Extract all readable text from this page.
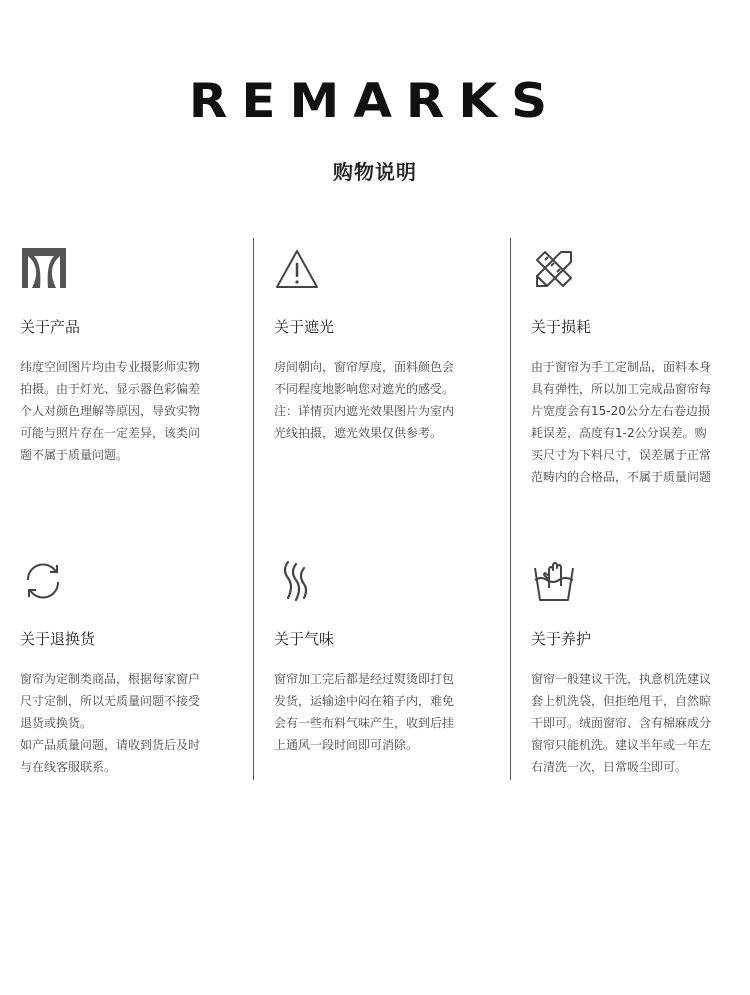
REMARKS
购物说明
关于产品
纬度空间图片均由专业摄影师实物
拍摄。由于灯光、显示器色彩偏差
个人对颜色理解等原因，导致实物
可能与照片存在一定差异，该类问
题不属于质量问题。
关于遮光
房间朝向，窗帘厚度，面料颜色会
不同程度地影响您对遮光的感受。
注：详情页内遮光效果图片为室内
光线拍摄，遮光效果仅供参考。
关于损耗
由于窗帘为手工定制品，面料本身
具有弹性，所以加工完成品窗帘每
片宽度会有15-20公分左右卷边损
耗误差，高度有1-2公分误差。购
买尺寸为下料尺寸，误差属于正常
范畴内的合格品，不属于质量问题
关于退换货
窗帘为定制类商品，根据每家窗户
尺寸定制，所以无质量问题不接受
退货或换货。
如产品质量问题，请收到货后及时
与在线客服联系。
关于气味
窗帘加工完后都是经过熨烫即打包
发货，运输途中闷在箱子内，难免
会有一些布料气味产生，收到后挂
上通风一段时间即可消除。
关于养护
窗帘一般建议干洗，执意机洗建议
套上机洗袋，但拒绝甩干，自然晾
干即可。绒面窗帘、含有棉麻成分
窗帘只能机洗。建议半年或一年左
右清洗一次，日常吸尘即可。
